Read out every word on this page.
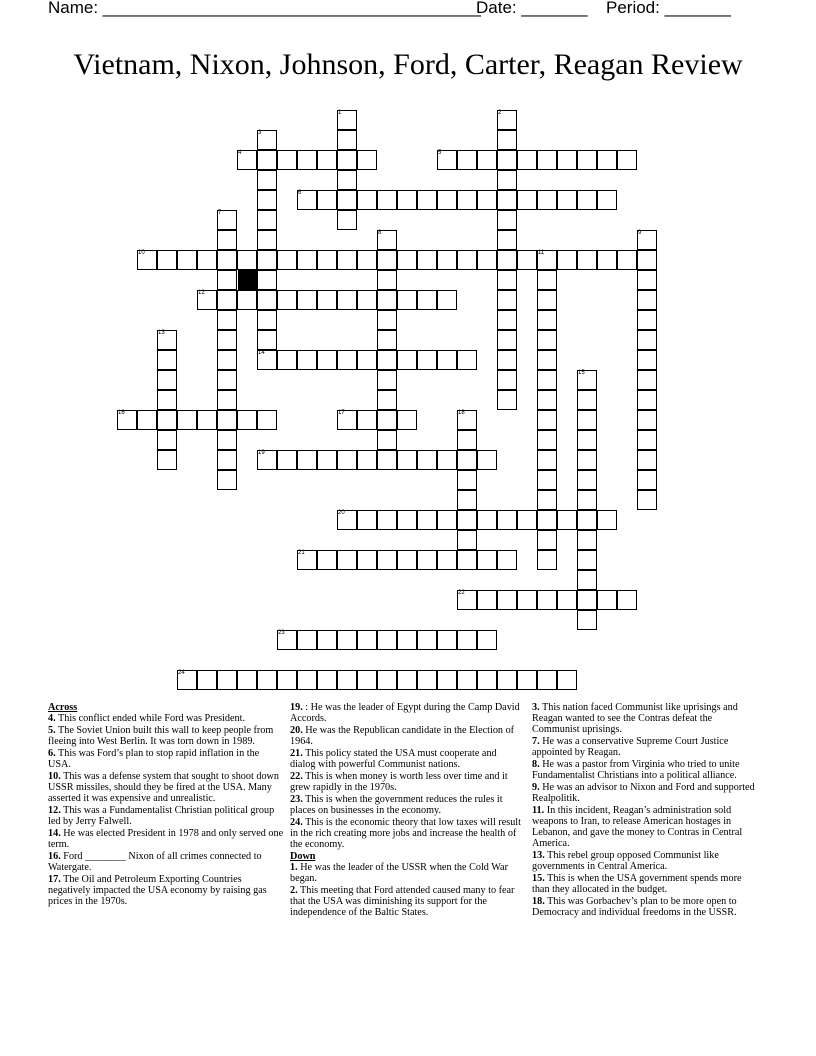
Name: ________________________________________

Date: _______

Period: _______

Vietnam, Nixon, Johnson, Ford, Carter, Reagan Review
1	2
3
4	5
6
7
8	9
10	11
12
13
14
15
16	17	18
19
20
21
22
23
24
Across
4. This conflict ended while Ford was President.
5. The Soviet Union built this wall to keep people from fleeing into West Berlin. It was torn down in 1989.
6. This was Ford’s plan to stop rapid inflation in the USA.
10. This was a defense system that sought to shoot down USSR missiles, should they be fired at the USA. Many asserted it was expensive and unrealistic.
12. This was a Fundamentalist Christian political group led by Jerry Falwell.
14. He was elected President in 1978 and only served one term.
16. Ford ________ Nixon of all crimes connected to Watergate.
17. The Oil and Petroleum Exporting Countries negatively impacted the USA economy by raising gas prices in the 1970s.
19. : He was the leader of Egypt during the Camp David Accords.
20. He was the Republican candidate in the Election of 1964.
21. This policy stated the USA must cooperate and dialog with powerful Communist nations.
22. This is when money is worth less over time and it grew rapidly in the 1970s.
23. This is when the government reduces the rules it places on businesses in the economy.
24. This is the economic theory that low taxes will result in the rich creating more jobs and increase the health of the economy.
Down
1. He was the leader of the USSR when the Cold War began.
2. This meeting that Ford attended caused many to fear that the USA was diminishing its support for the independence of the Baltic States.
3. This nation faced Communist like uprisings and Reagan wanted to see the Contras defeat the Communist uprisings.
7. He was a conservative Supreme Court Justice appointed by Reagan.
8. He was a pastor from Virginia who tried to unite Fundamentalist Christians into a political alliance.
9. He was an advisor to Nixon and Ford and supported Realpolitik.
11. In this incident, Reagan’s administration sold weapons to Iran, to release American hostages in Lebanon, and gave the money to Contras in Central America.
13. This rebel group opposed Communist like governments in Central America.
15. This is when the USA government spends more than they allocated in the budget.
18. This was Gorbachev’s plan to be more open to Democracy and individual freedoms in the USSR.
